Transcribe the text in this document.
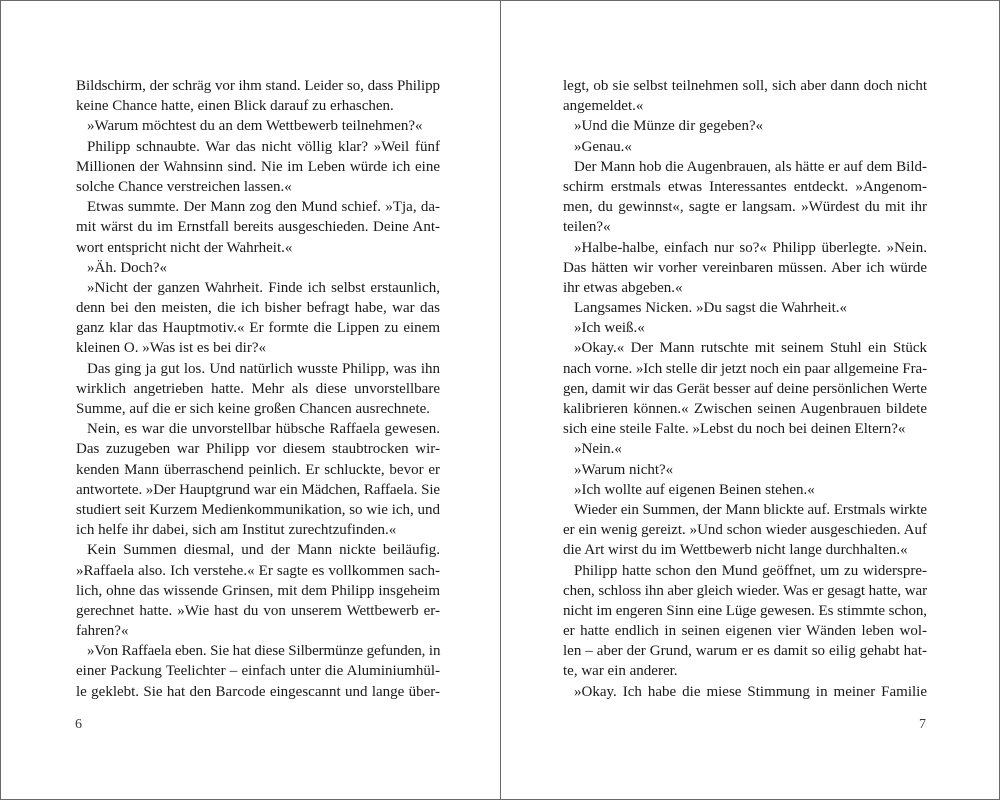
Bildschirm, der schräg vor ihm stand. Leider so, dass Philipp
keine Chance hatte, einen Blick darauf zu erhaschen.
»Warum möchtest du an dem Wettbewerb teilnehmen?«
Philipp schnaubte. War das nicht völlig klar? »Weil fünf
Millionen der Wahnsinn sind. Nie im Leben würde ich eine
solche Chance verstreichen lassen.«
Etwas summte. Der Mann zog den Mund schief. »Tja, da-
mit wärst du im Ernstfall bereits ausgeschieden. Deine Ant-
wort entspricht nicht der Wahrheit.«
»Äh. Doch?«
»Nicht der ganzen Wahrheit. Finde ich selbst erstaunlich,
denn bei den meisten, die ich bisher befragt habe, war das
ganz klar das Hauptmotiv.« Er formte die Lippen zu einem
kleinen O. »Was ist es bei dir?«
Das ging ja gut los. Und natürlich wusste Philipp, was ihn
wirklich angetrieben hatte. Mehr als diese unvorstellbare
Summe, auf die er sich keine großen Chancen ausrechnete.
Nein, es war die unvorstellbar hübsche Raffaela gewesen.
Das zuzugeben war Philipp vor diesem staubtrocken wir-
kenden Mann überraschend peinlich. Er schluckte, bevor er
antwortete. »Der Hauptgrund war ein Mädchen, Raffaela. Sie
studiert seit Kurzem Medienkommunikation, so wie ich, und
ich helfe ihr dabei, sich am Institut zurechtzufinden.«
Kein Summen diesmal, und der Mann nickte beiläufig.
»Raffaela also. Ich verstehe.« Er sagte es vollkommen sach-
lich, ohne das wissende Grinsen, mit dem Philipp insgeheim
gerechnet hatte. »Wie hast du von unserem Wettbewerb er-
fahren?«
»Von Raffaela eben. Sie hat diese Silbermünze gefunden, in
einer Packung Teelichter – einfach unter die Aluminiumhül-
le geklebt. Sie hat den Barcode eingescannt und lange über-
6
legt, ob sie selbst teilnehmen soll, sich aber dann doch nicht
angemeldet.«
»Und die Münze dir gegeben?«
»Genau.«
Der Mann hob die Augenbrauen, als hätte er auf dem Bild-
schirm erstmals etwas Interessantes entdeckt. »Angenom-
men, du gewinnst«, sagte er langsam. »Würdest du mit ihr
teilen?«
»Halbe-halbe, einfach nur so?« Philipp überlegte. »Nein.
Das hätten wir vorher vereinbaren müssen. Aber ich würde
ihr etwas abgeben.«
Langsames Nicken. »Du sagst die Wahrheit.«
»Ich weiß.«
»Okay.« Der Mann rutschte mit seinem Stuhl ein Stück
nach vorne. »Ich stelle dir jetzt noch ein paar allgemeine Fra-
gen, damit wir das Gerät besser auf deine persönlichen Werte
kalibrieren können.« Zwischen seinen Augenbrauen bildete
sich eine steile Falte. »Lebst du noch bei deinen Eltern?«
»Nein.«
»Warum nicht?«
»Ich wollte auf eigenen Beinen stehen.«
Wieder ein Summen, der Mann blickte auf. Erstmals wirkte
er ein wenig gereizt. »Und schon wieder ausgeschieden. Auf
die Art wirst du im Wettbewerb nicht lange durchhalten.«
Philipp hatte schon den Mund geöffnet, um zu widerspre-
chen, schloss ihn aber gleich wieder. Was er gesagt hatte, war
nicht im engeren Sinn eine Lüge gewesen. Es stimmte schon,
er hatte endlich in seinen eigenen vier Wänden leben wol-
len – aber der Grund, warum er es damit so eilig gehabt hat-
te, war ein anderer.
»Okay. Ich habe die miese Stimmung in meiner Familie
7
